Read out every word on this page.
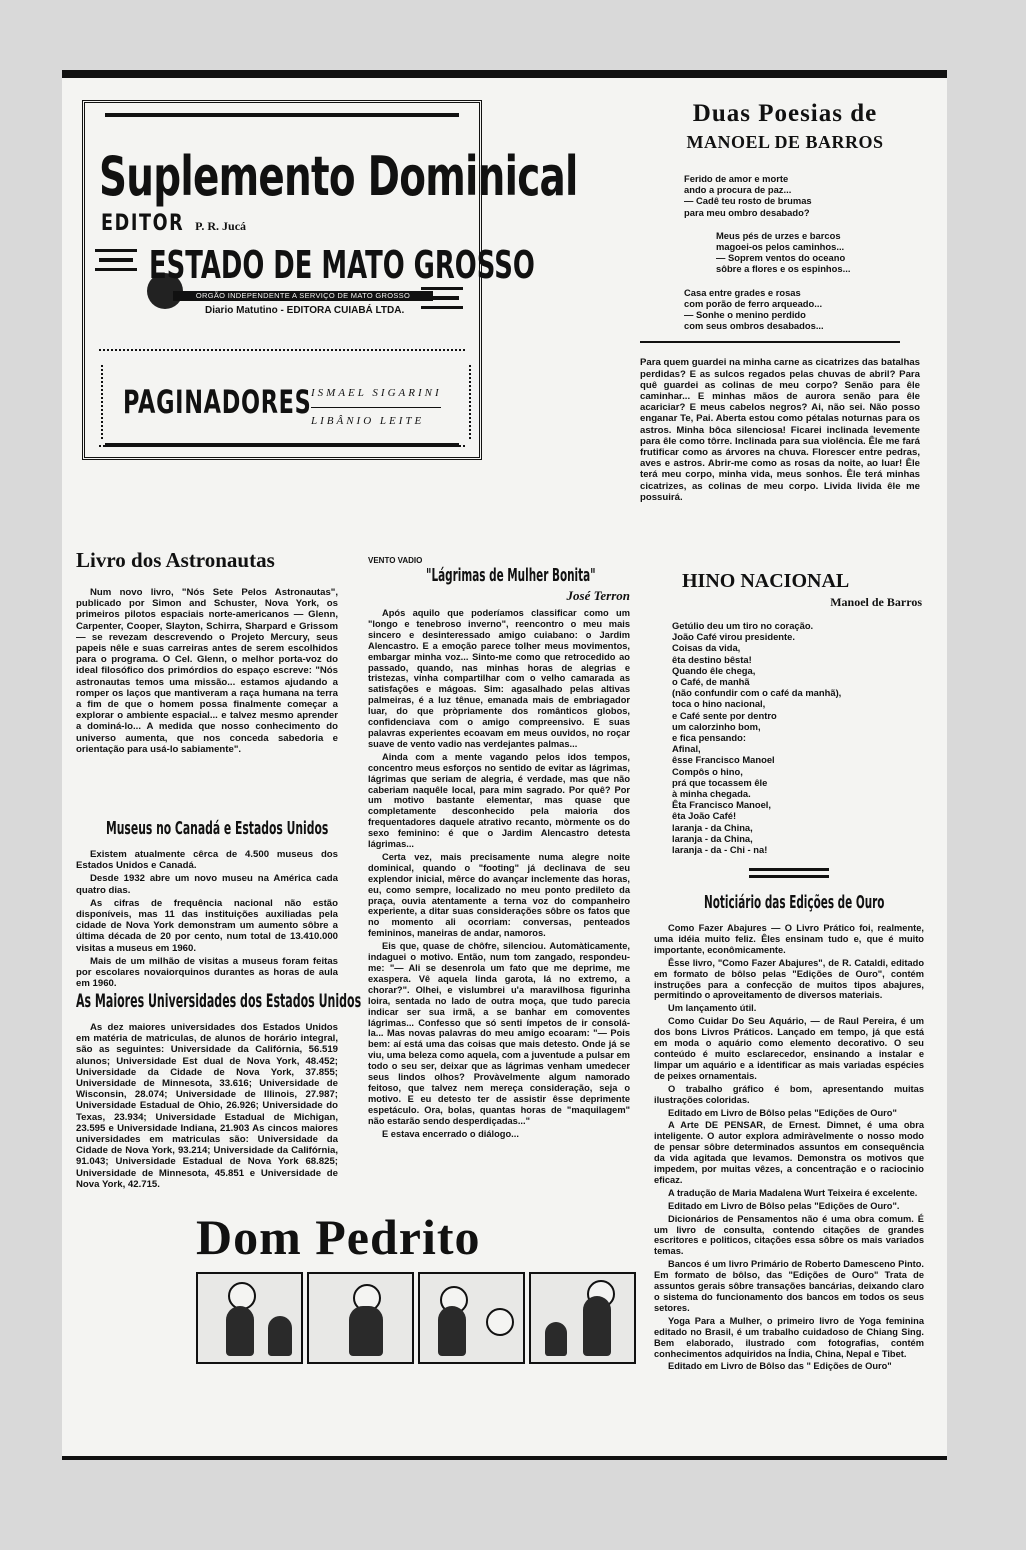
Suplemento Dominical
EDITOR P. R. Jucá
ESTADO DE MATO GROSSO
ORGÃO INDEPENDENTE A SERVIÇO DE MATO GROSSO
Diario Matutino - EDITORA CUIABÁ LTDA.
PAGINADORES ISMAEL SIGARINI
LIBÂNIO LEITE
Duas Poesias de
MANOEL DE BARROS
Ferido de amor e morte
ando a procura de paz...
— Cadê teu rosto de brumas
para meu ombro desabado?
Meus pés de urzes e barcos
magoei-os pelos caminhos...
— Soprem ventos do oceano
sôbre a flores e os espinhos...
Casa entre grades e rosas
com porão de ferro arqueado...
— Sonhe o menino perdido
com seus ombros desabados...

Para quem guardei na minha carne as cicatrizes das batalhas perdidas? E as sulcos regados pelas chuvas de abril? Para quê guardei as colinas de meu corpo? Senão para êle caminhar... E minhas mãos de aurora senão para êle acariciar? E meus cabelos negros? Ai, não sei. Não posso enganar Te, Pai. Aberta estou como pétalas noturnas para os astros. Minha bôca silenciosa! Ficarei inclinada levemente para êle como tôrre. Inclinada para sua violência. Êle me fará frutificar como as árvores na chuva. Florescer entre pedras, aves e astros. Abrir-me como as rosas da noite, ao luar! Êle terá meu corpo, minha vida, meus sonhos. Êle terá minhas cicatrizes, as colinas de meu corpo. Livida livida êle me possuirá.

HINO NACIONAL
Manoel de Barros
Getúlio deu um tiro no coração.
João Café virou presidente.
Coisas da vida,
êta destino bêsta!
Quando êle chega,
o Café, de manhã
(não confundir com o café da manhã),
toca o hino nacional,
e Café sente por dentro
um calorzinho bom,
e fica pensando:
Afinal,
êsse Francisco Manoel
Compôs o hino,
prá que tocassem êle
à minha chegada.
Êta Francisco Manoel,
êta João Café!
laranja - da China,
laranja - da China,
laranja - da - Chi - na!
Livro dos Astronautas

Num novo livro, "Nós Sete Pelos Astronautas", publicado por Simon and Schuster, Nova York, os primeiros pilotos espaciais norte-americanos — Glenn, Carpenter, Cooper, Slayton, Schirra, Sharpard e Grissom — se revezam descrevendo o Projeto Mercury, seus papeis nêle e suas carreiras antes de serem escolhidos para o programa. O Cel. Glenn, o melhor porta-voz do ideal filosófico dos primórdios do espaço escreve: "Nós astronautas temos uma missão... estamos ajudando a romper os laços que mantiveram a raça humana na terra a fim de que o homem possa finalmente começar a explorar o ambiente espacial... e talvez mesmo aprender a dominá-lo... A medida que nosso conhecimento do universo aumenta, que nos conceda sabedoria e orientação para usá-lo sabiamente".

Museus no Canadá e Estados Unidos

Existem atualmente cêrca de 4.500 museus dos Estados Unidos e Canadá.

Desde 1932 abre um novo museu na América cada quatro dias.

As cifras de frequência nacional não estão disponíveis, mas 11 das instituições auxiliadas pela cidade de Nova York demonstram um aumento sôbre a última década de 20 por cento, num total de 13.410.000 visitas a museus em 1960.

Mais de um milhão de visitas a museus foram feitas por escolares novaiorquinos durantes as horas de aula em 1960.

As Maiores Universidades dos Estados Unidos

As dez maiores universidades dos Estados Unidos em matéria de matriculas, de alunos de horário integral, são as seguintes: Universidade da Califórnia, 56.519 alunos; Universidade Est dual de Nova York, 48.452; Universidade da Cidade de Nova York, 37.855; Universidade de Minnesota, 33.616; Universidade de Wisconsin, 28.074; Universidade de Illinois, 27.987; Universidade Estadual de Ohio, 26.926; Universidade do Texas, 23.934; Universidade Estadual de Michigan, 23.595 e Universidade Indiana, 21.903 As cincos maiores universidades em matriculas são: Universidade da Cidade de Nova York, 93.214; Universidade da Califórnia, 91.043; Universidade Estadual de Nova York 68.825; Universidade de Minnesota, 45.851 e Universidade de Nova York, 42.715.

VENTO VADIO
"Lágrimas de Mulher Bonita"
José Terron

Após aquilo que poderíamos classificar como um "longo e tenebroso inverno", reencontro o meu mais sincero e desinteressado amigo cuiabano: o Jardim Alencastro. E a emoção parece tolher meus movimentos, embargar minha voz... Sinto-me como que retrocedido ao passado, quando, nas minhas horas de alegrias e tristezas, vinha compartilhar com o velho camarada as satisfações e mágoas. Sim: agasalhado pelas altivas palmeiras, é a luz tênue, emanada mais de embriagador luar, do que pròpriamente dos românticos globos, confidenciava com o amigo compreensivo. E suas palavras experientes ecoavam em meus ouvidos, no roçar suave de vento vadio nas verdejantes palmas...

Ainda com a mente vagando pelos idos tempos, concentro meus esforços no sentido de evitar as lágrimas, lágrimas que seriam de alegria, é verdade, mas que não caberiam naquêle local, para mim sagrado. Por quê? Por um motivo bastante elementar, mas quase que completamente desconhecido pela maioria dos frequentadores daquele atrativo recanto, mòrmente os do sexo feminino: é que o Jardim Alencastro detesta lágrimas...

Certa vez, mais precisamente numa alegre noite dominical, quando o "footing" já declinava de seu explendor inicial, mêrce do avançar inclemente das horas, eu, como sempre, localizado no meu ponto predileto da praça, ouvia atentamente a terna voz do companheiro experiente, a ditar suas considerações sôbre os fatos que no momento ali ocorriam: conversas, penteados femininos, maneiras de andar, namoros.

Eis que, quase de chôfre, silenciou. Automàticamente, indaguei o motivo. Então, num tom zangado, respondeu-me: "— Ali se desenrola um fato que me deprime, me exaspera. Vê aquela linda garota, lá no extremo, a chorar?". Olhei, e vislumbrei u'a maravilhosa figurinha loira, sentada no lado de outra moça, que tudo parecia indicar ser sua irmã, a se banhar em comoventes lágrimas... Confesso que só senti ímpetos de ir consolá-la... Mas novas palavras do meu amigo ecoaram: "— Pois bem: aí está uma das coisas que mais detesto. Onde já se viu, uma beleza como aquela, com a juventude a pulsar em todo o seu ser, deixar que as lágrimas venham umedecer seus lindos olhos? Provàvelmente algum namorado feitoso, que talvez nem mereça consideração, seja o motivo. E eu detesto ter de assistir êsse deprimente espetáculo. Ora, bolas, quantas horas de "maquilagem" não estarão sendo desperdiçadas..."

E estava encerrado o diálogo...

Dom Pedrito
Noticiário das Edições de Ouro

Como Fazer Abajures — O Livro Prático foi, realmente, uma idéia muito feliz. Êles ensinam tudo e, que é muito importante, econômicamente.

Êsse livro, "Como Fazer Abajures", de R. Cataldi, editado em formato de bôlso pelas "Edições de Ouro", contém instruções para a confecção de muitos tipos abajures, permitindo o aproveitamento de diversos materiais.

Um lançamento útil.

Como Cuidar Do Seu Aquário, — de Raul Pereira, é um dos bons Livros Práticos. Lançado em tempo, já que está em moda o aquário como elemento decorativo. O seu conteúdo é muito esclarecedor, ensinando a instalar e limpar um aquário e a identificar as mais variadas espécies de peixes ornamentais.

O trabalho gráfico é bom, apresentando muitas ilustrações coloridas.

Editado em Livro de Bôlso pelas "Edições de Ouro"

A Arte DE PENSAR, de Ernest. Dimnet, é uma obra inteligente. O autor explora admiràvelmente o nosso modo de pensar sôbre determinados assuntos em consequência da vida agitada que levamos. Demonstra os motivos que impedem, por muitas vêzes, a concentração e o raciocinio eficaz.

A tradução de Maria Madalena Wurt Teixeira é excelente.

Editado em Livro de Bôlso pelas "Edições de Ouro".

Dicionários de Pensamentos não é uma obra comum. É um livro de consulta, contendo citações de grandes escritores e politicos, citações essa sôbre os mais variados temas.

Bancos é um livro Primário de Roberto Damesceno Pinto. Em formato de bôlso, das "Edições de Ouro" Trata de assuntos gerais sôbre transações bancárias, deixando claro o sistema do funcionamento dos bancos em todos os seus setores.

Yoga Para a Mulher, o primeiro livro de Yoga feminina editado no Brasil, é um trabalho cuidadoso de Chiang Sing. Bem elaborado, ilustrado com fotografias, contém conhecimentos adquiridos na Índia, China, Nepal e Tibet.

Editado em Livro de Bôlso das " Edições de Ouro"
